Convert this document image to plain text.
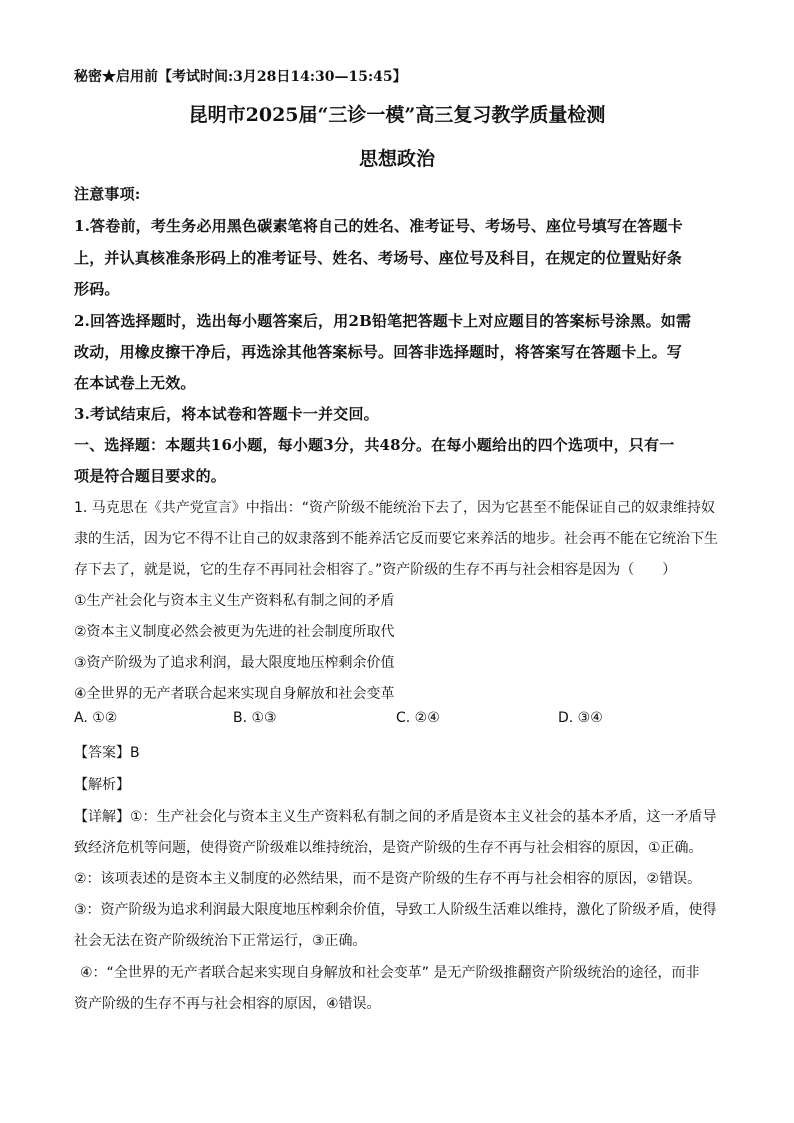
秘密★启用前【考试时间:3月28日14:30—15:45】
昆明市2025届“三诊一模”高三复习教学质量检测
思想政治
注意事项:
1.答卷前，考生务必用黑色碳素笔将自己的姓名、准考证号、考场号、座位号填写在答题卡
上，并认真核准条形码上的准考证号、姓名、考场号、座位号及科目，在规定的位置贴好条
形码。
2.回答选择题时，选出每小题答案后，用2B铅笔把答题卡上对应题目的答案标号涂黑。如需
改动，用橡皮擦干净后，再选涂其他答案标号。回答非选择题时，将答案写在答题卡上。写
在本试卷上无效。
3.考试结束后，将本试卷和答题卡一并交回。
一、选择题：本题共16小题，每小题3分，共48分。在每小题给出的四个选项中，只有一
项是符合题目要求的。
1. 马克思在《共产党宣言》中指出：“资产阶级不能统治下去了，因为它甚至不能保证自己的奴隶维持奴
隶的生活，因为它不得不让自己的奴隶落到不能养活它反而要它来养活的地步。社会再不能在它统治下生
存下去了，就是说，它的生存不再同社会相容了。”资产阶级的生存不再与社会相容是因为（　　）
①生产社会化与资本主义生产资料私有制之间的矛盾
②资本主义制度必然会被更为先进的社会制度所取代
③资产阶级为了追求利润，最大限度地压榨剩余价值
④全世界的无产者联合起来实现自身解放和社会变革
A. ①②	B. ①③	C. ②④	D. ③④
【答案】B
【解析】
【详解】①：生产社会化与资本主义生产资料私有制之间的矛盾是资本主义社会的基本矛盾，这一矛盾导
致经济危机等问题，使得资产阶级难以维持统治，是资产阶级的生存不再与社会相容的原因，①正确。
②：该项表述的是资本主义制度的必然结果，而不是资产阶级的生存不再与社会相容的原因，②错误。
③：资产阶级为追求利润最大限度地压榨剩余价值，导致工人阶级生活难以维持，激化了阶级矛盾，使得
社会无法在资产阶级统治下正常运行，③正确。
④：“全世界的无产者联合起来实现自身解放和社会变革” 是无产阶级推翻资产阶级统治的途径，而非
资产阶级的生存不再与社会相容的原因，④错误。
